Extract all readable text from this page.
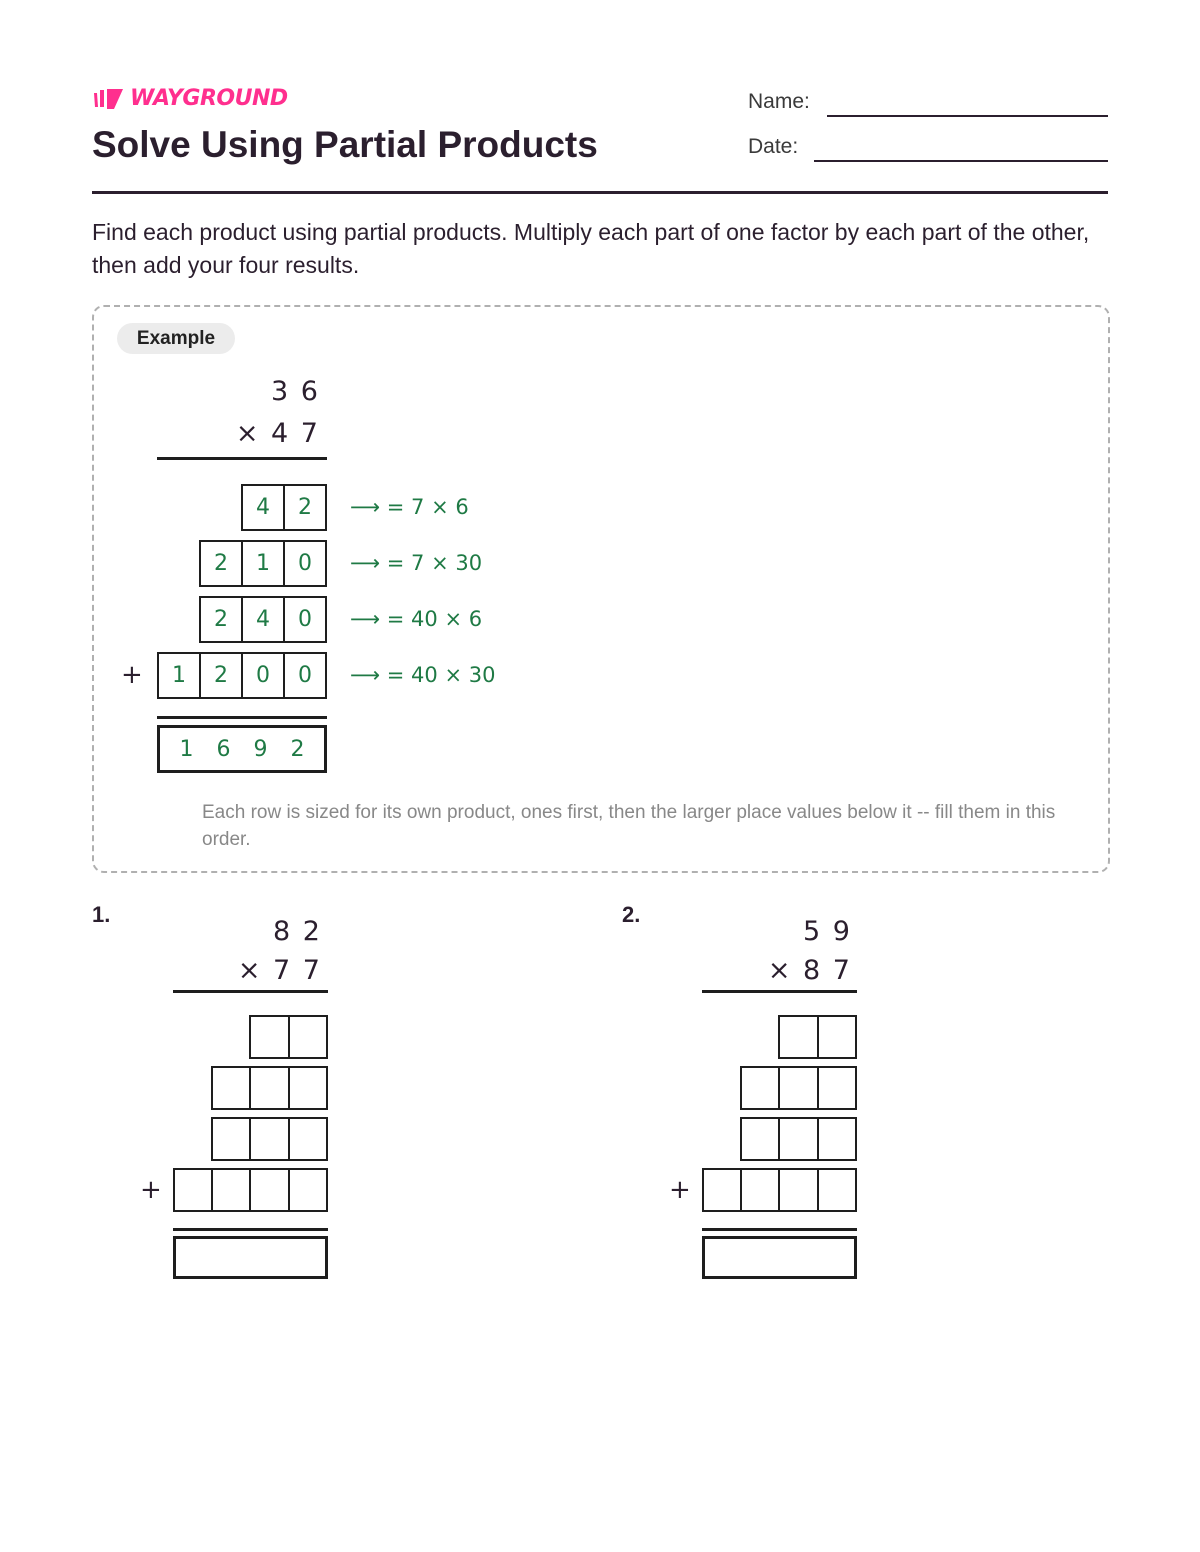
WAYGROUND
Solve Using Partial Products
Name:
Date:
Find each product using partial products. Multiply each part of one factor by each part of the other, then add your four results.
Example
3 6
× 4 7
4	2	⟶ = 7 × 6
2	1	0	⟶ = 7 × 30
2	4	0	⟶ = 40 × 6
+	1	2	0	0	⟶ = 40 × 30
1 6 9 2
Each row is sized for its own product, ones first, then the larger place values below it -- fill them in this order.
1.
8 2
× 7 7
+
2.
5 9
× 8 7
+
